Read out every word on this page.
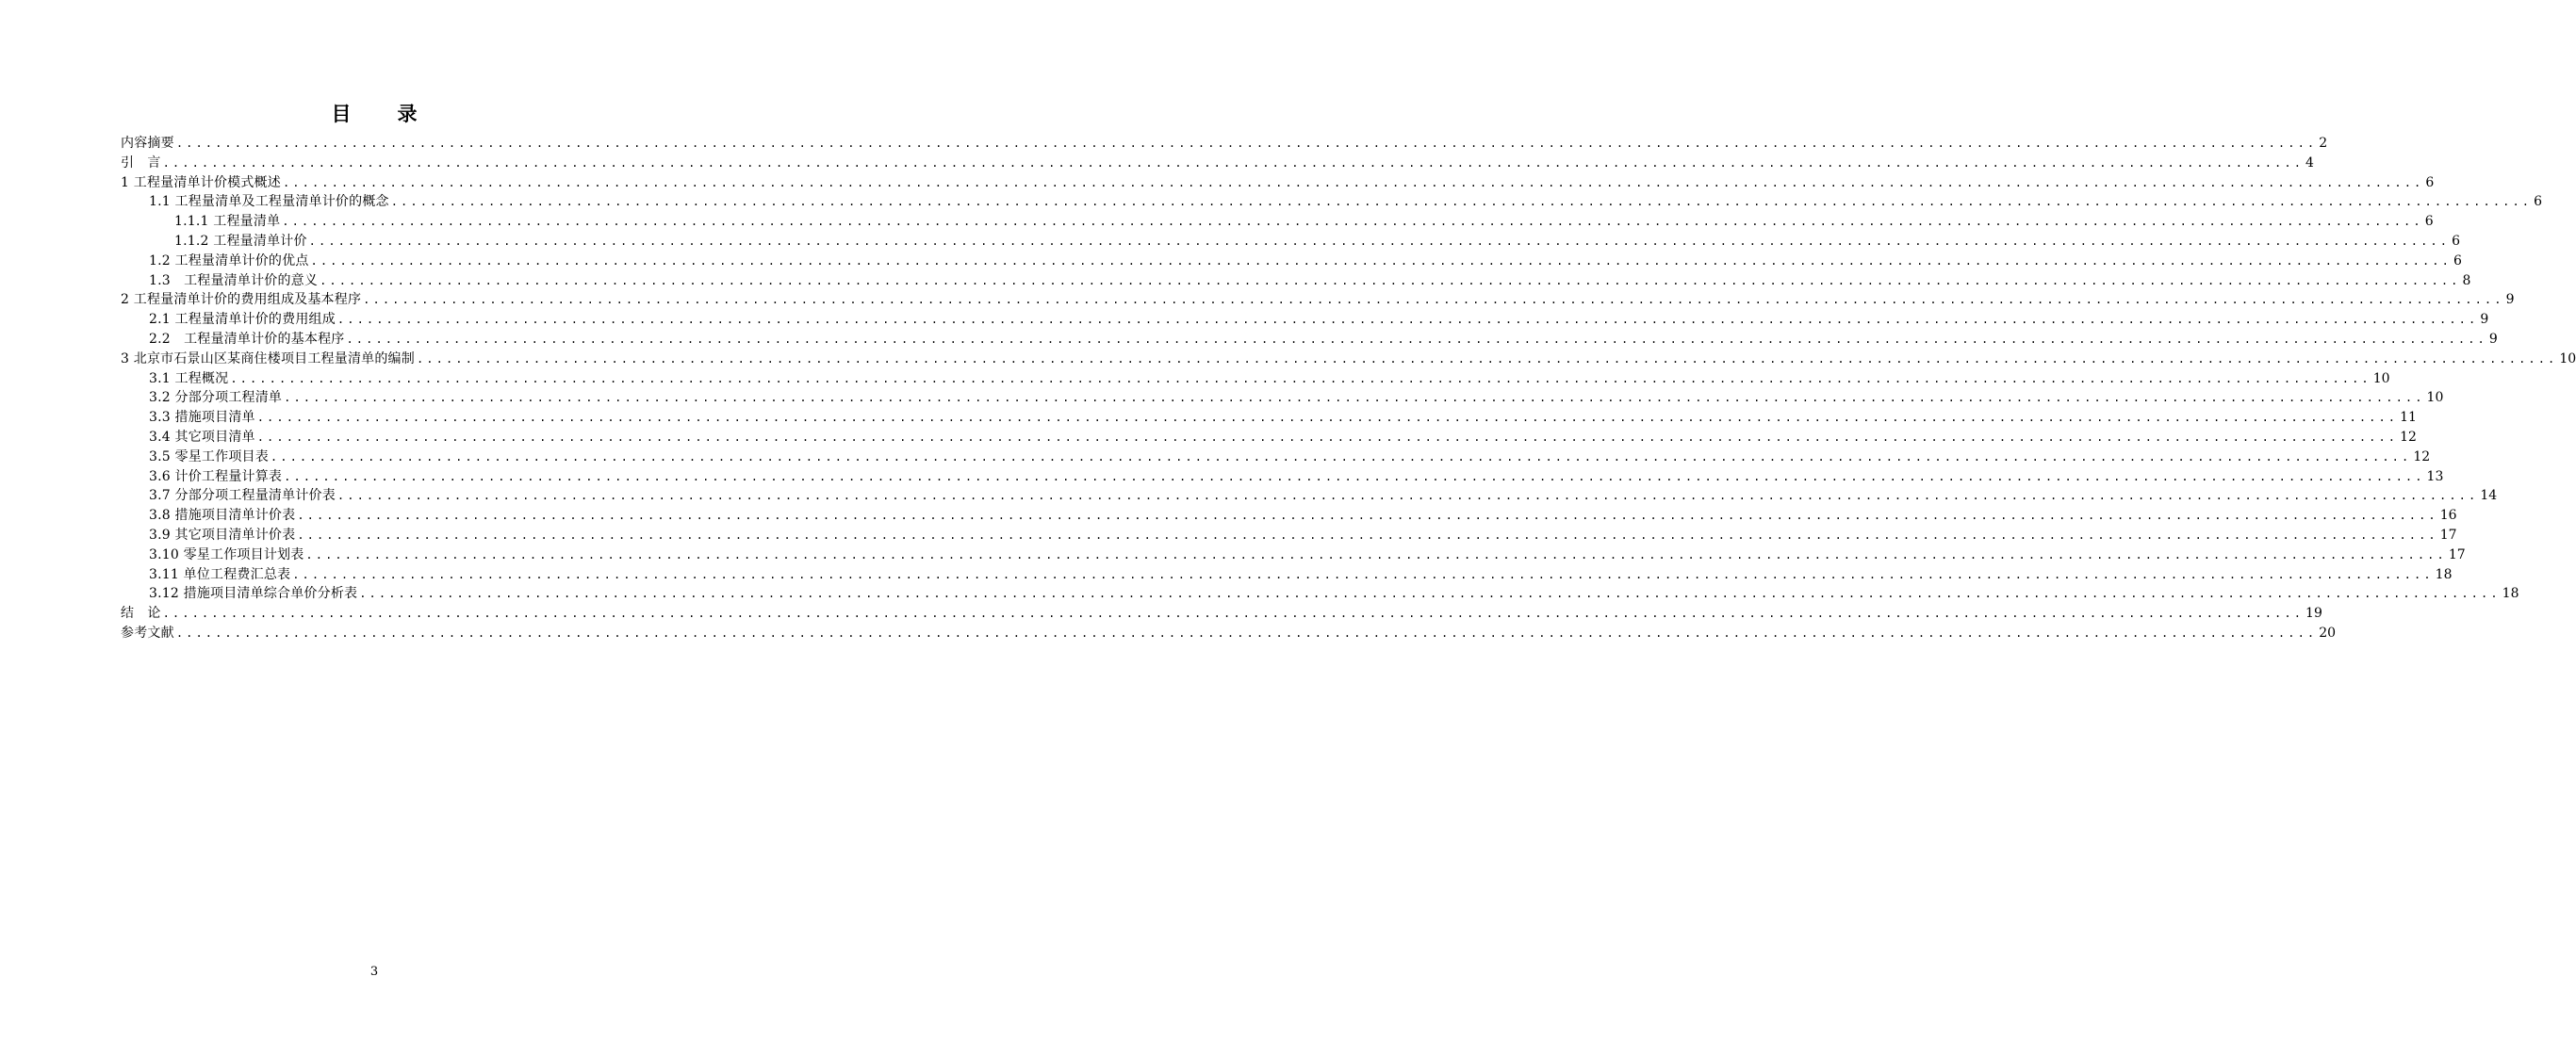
目　录
内容摘要 ............................................................................................................................................................................................................................ 2
引　言 ............................................................................................................................................................................................................................ 4
1 工程量清单计价模式概述 ............................................................................................................................................................................................................................ 6
1.1 工程量清单及工程量清单计价的概念 ............................................................................................................................................................................................................................ 6
1.1.1 工程量清单 ............................................................................................................................................................................................................................ 6
1.1.2 工程量清单计价 ............................................................................................................................................................................................................................ 6
1.2 工程量清单计价的优点 ............................................................................................................................................................................................................................ 6
1.3　工程量清单计价的意义 ............................................................................................................................................................................................................................ 8
2 工程量清单计价的费用组成及基本程序 ............................................................................................................................................................................................................................ 9
2.1 工程量清单计价的费用组成 ............................................................................................................................................................................................................................ 9
2.2　工程量清单计价的基本程序 ............................................................................................................................................................................................................................ 9
3 北京市石景山区某商住楼项目工程量清单的编制 ............................................................................................................................................................................................................................ 10
3.1 工程概况 ............................................................................................................................................................................................................................ 10
3.2 分部分项工程清单 ............................................................................................................................................................................................................................ 10
3.3 措施项目清单 ............................................................................................................................................................................................................................ 11
3.4 其它项目清单 ............................................................................................................................................................................................................................ 12
3.5 零星工作项目表 ............................................................................................................................................................................................................................ 12
3.6 计价工程量计算表 ............................................................................................................................................................................................................................ 13
3.7 分部分项工程量清单计价表 ............................................................................................................................................................................................................................ 14
3.8 措施项目清单计价表 ............................................................................................................................................................................................................................ 16
3.9 其它项目清单计价表 ............................................................................................................................................................................................................................ 17
3.10 零星工作项目计划表 ............................................................................................................................................................................................................................ 17
3.11 单位工程费汇总表 ............................................................................................................................................................................................................................ 18
3.12 措施项目清单综合单价分析表 ............................................................................................................................................................................................................................ 18
结　论 ............................................................................................................................................................................................................................ 19
参考文献 ............................................................................................................................................................................................................................ 20
3
